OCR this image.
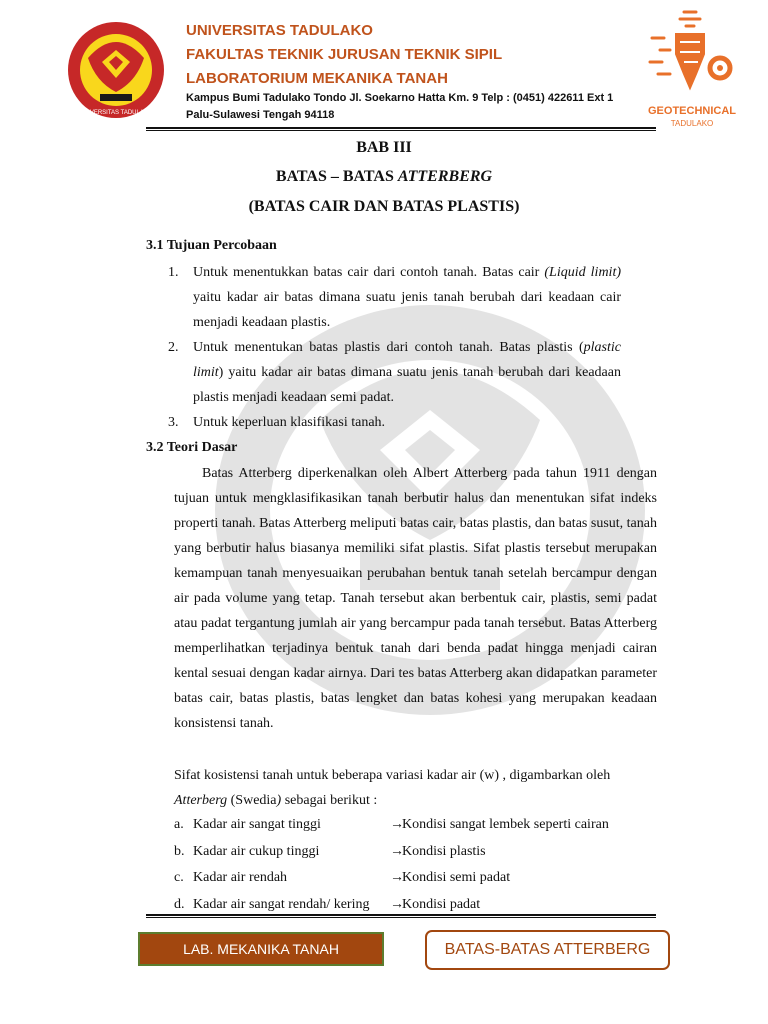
UNIVERSITAS TADULAKO
UNIVERSITAS TADULAKO
FAKULTAS TEKNIK JURUSAN TEKNIK SIPIL
LABORATORIUM MEKANIKA TANAH
Kampus Bumi Tadulako Tondo Jl. Soekarno Hatta Km. 9 Telp : (0451) 422611 Ext 1
Palu-Sulawesi Tengah 94118	GEOTECHNICAL
TADULAKO
BAB III
BATAS – BATAS ATTERBERG
(BATAS CAIR DAN BATAS PLASTIS)
3.1 Tujuan Percobaan
1. Untuk menentukkan batas cair dari contoh tanah. Batas cair (Liquid limit) yaitu kadar air batas dimana suatu jenis tanah berubah dari keadaan cair menjadi keadaan plastis.
2. Untuk menentukan batas plastis dari contoh tanah. Batas plastis (plastic limit) yaitu kadar air batas dimana suatu jenis tanah berubah dari keadaan plastis menjadi keadaan semi padat.
3. Untuk keperluan klasifikasi tanah.
3.2 Teori Dasar
Batas Atterberg diperkenalkan oleh Albert Atterberg pada tahun 1911 dengan tujuan untuk mengklasifikasikan tanah berbutir halus dan menentukan sifat indeks properti tanah. Batas Atterberg meliputi batas cair, batas plastis, dan batas susut, tanah yang berbutir halus biasanya memiliki sifat plastis. Sifat plastis tersebut merupakan kemampuan tanah menyesuaikan perubahan bentuk tanah setelah bercampur dengan air pada volume yang tetap. Tanah tersebut akan berbentuk cair, plastis, semi padat atau padat tergantung jumlah air yang bercampur pada tanah tersebut. Batas Atterberg memperlihatkan terjadinya bentuk tanah dari benda padat hingga menjadi cairan kental sesuai dengan kadar airnya. Dari tes batas Atterberg akan didapatkan parameter batas cair, batas plastis, batas lengket dan batas kohesi yang merupakan keadaan konsistensi tanah.
Sifat kosistensi tanah untuk beberapa variasi kadar air (w) , digambarkan oleh
Atterberg (Swedia) sebagai berikut :
a. Kadar air sangat tinggi	→Kondisi sangat lembek seperti cairan
b. Kadar air cukup tinggi	→Kondisi plastis
c. Kadar air rendah	→Kondisi semi padat
d. Kadar air sangat rendah/ kering →Kondisi padat
LAB. MEKANIKA TANAH	BATAS-BATAS ATTERBERG
